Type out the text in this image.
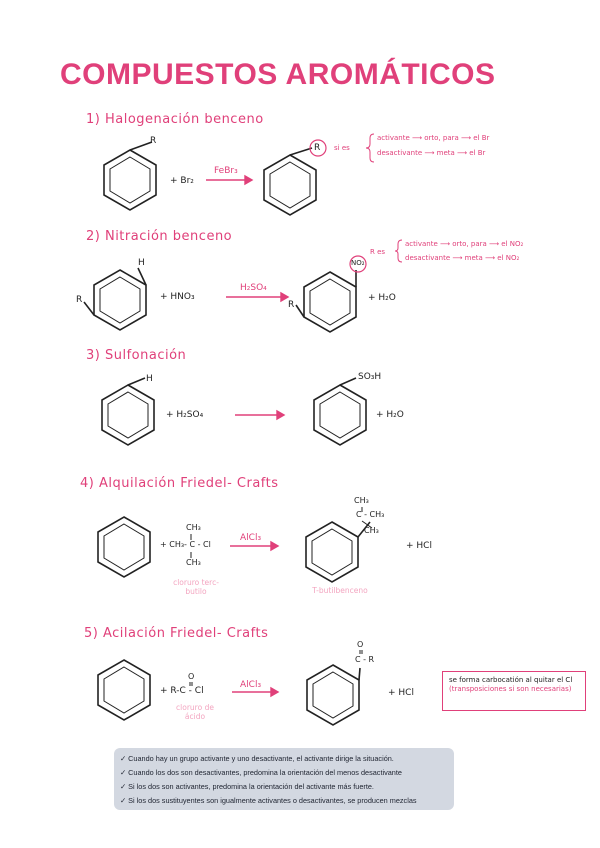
COMPUESTOS AROMÁTICOS
1) Halogenación benceno
2) Nitración benceno
3) Sulfonación
4) Alquilación Friedel- Crafts
5) Acilación Friedel- Crafts
R
+ Br₂
FeBr₃
R si es
activante ⟶ orto, para ⟶ el Br
desactivante ⟶ meta ⟶ el Br
H
R	+ HNO₃
H₂SO₄
NO₂
R
+ H₂O
R es
activante ⟶ orto, para ⟶ el NO₂
desactivante ⟶ meta ⟶ el NO₂
H
+ H₂SO₄
SO₃H
+ H₂O
CH₃
+ CH₃- C - Cl
CH₃
cloruro terc-butilo
AlCl₃
CH₃
C - CH₃
CH₃
T-butilbenceno
+ HCl
O
+ R-C - Cl
cloruro de ácido
AlCl₃
O
C - R
+ HCl
se forma carbocatión al quitar el Cl (transposiciones si son necesarias)
✓ Cuando hay un grupo activante y uno desactivante, el activante dirige la situación.
✓ Cuando los dos son desactivantes, predomina la orientación del menos desactivante
✓ Si los dos son activantes, predomina la orientación del activante más fuerte.
✓ Si los dos sustituyentes son igualmente activantes o desactivantes, se producen mezclas
